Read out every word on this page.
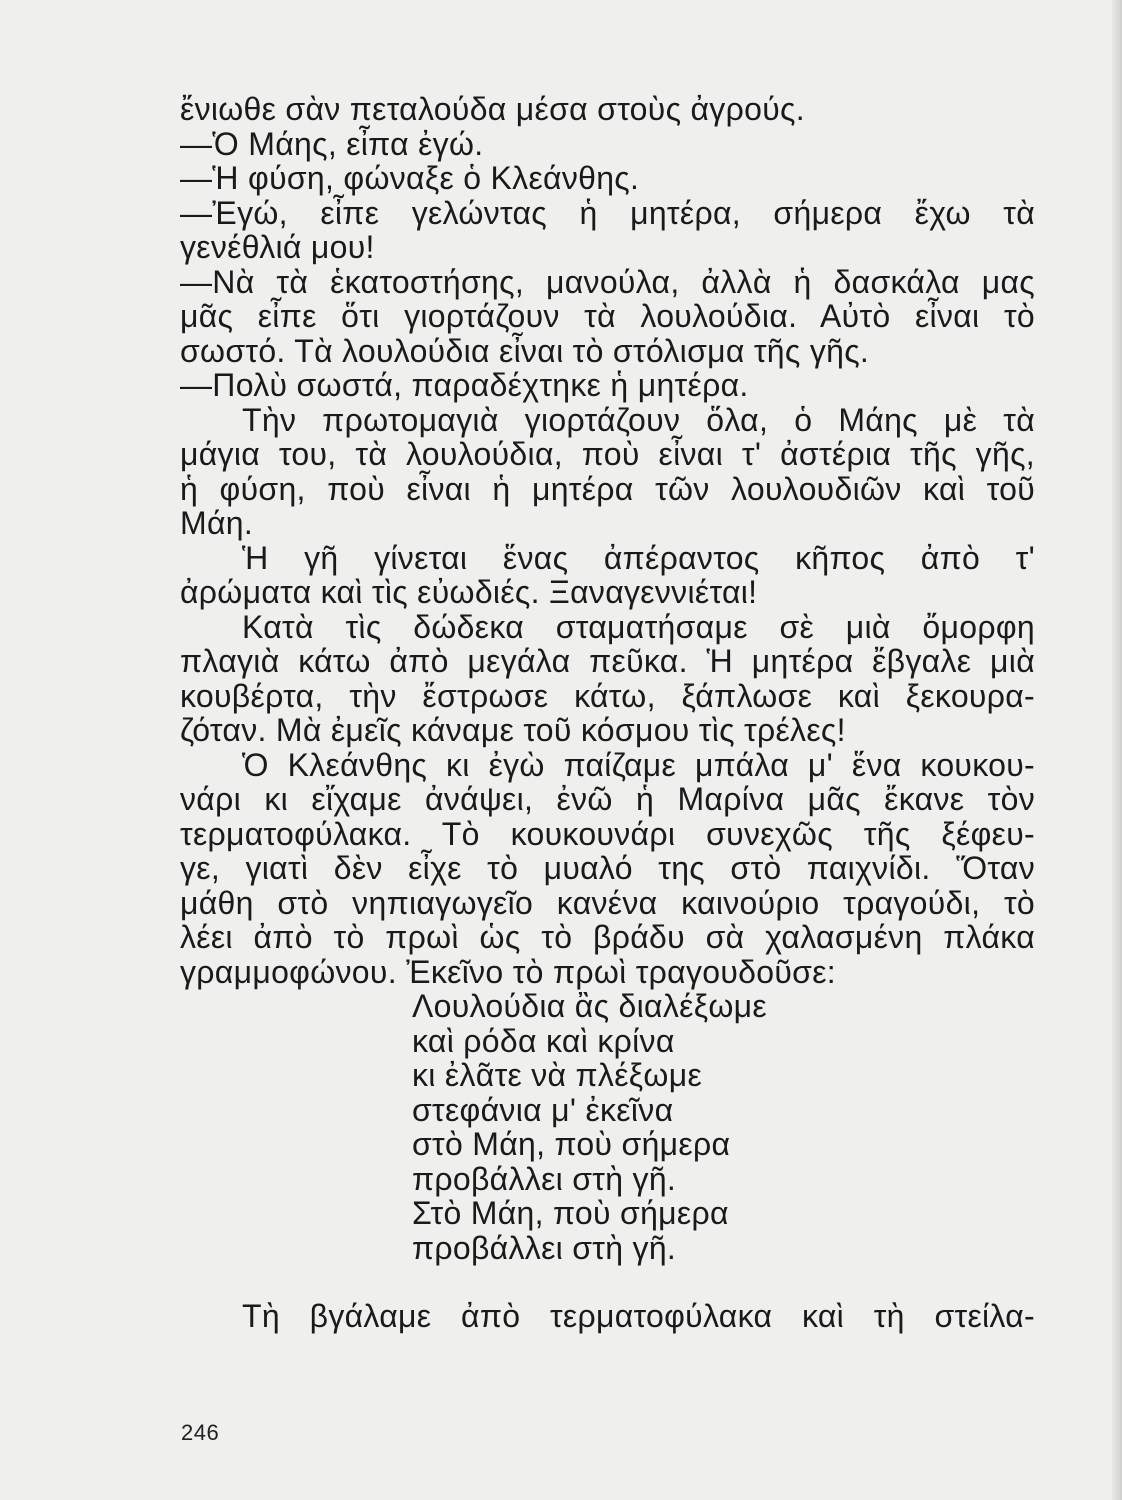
ἔνιωθε σὰν πεταλούδα μέσα στοὺς ἀγρούς.
—Ὁ Μάης, εἶπα ἐγώ.
—Ἡ φύση, φώναξε ὁ Κλεάνθης.
—Ἐγώ, εἶπε γελώντας ἡ μητέρα, σήμερα ἔχω τὰ
γενέθλιά μου!
—Νὰ τὰ ἑκατοστήσης, μανούλα, ἀλλὰ ἡ δασκάλα μας
μᾶς εἶπε ὅτι γιορτάζουν τὰ λουλούδια. Αὐτὸ εἶναι τὸ
σωστό. Τὰ λουλούδια εἶναι τὸ στόλισμα τῆς γῆς.
—Πολὺ σωστά, παραδέχτηκε ἡ μητέρα.
Τὴν πρωτομαγιὰ γιορτάζουν ὅλα, ὁ Μάης μὲ τὰ
μάγια του, τὰ λουλούδια, ποὺ εἶναι τ' ἀστέρια τῆς γῆς,
ἡ φύση, ποὺ εἶναι ἡ μητέρα τῶν λουλουδιῶν καὶ τοῦ
Μάη.
Ἡ γῆ γίνεται ἕνας ἀπέραντος κῆπος ἀπὸ τ'
ἀρώματα καὶ τὶς εὐωδιές. Ξαναγεννιέται!
Κατὰ τὶς δώδεκα σταματήσαμε σὲ μιὰ ὄμορφη
πλαγιὰ κάτω ἀπὸ μεγάλα πεῦκα. Ἡ μητέρα ἔβγαλε μιὰ
κουβέρτα, τὴν ἔστρωσε κάτω, ξάπλωσε καὶ ξεκουρα-
ζόταν. Μὰ ἐμεῖς κάναμε τοῦ κόσμου τὶς τρέλες!
Ὁ Κλεάνθης κι ἐγὼ παίζαμε μπάλα μ' ἕνα κουκου-
νάρι κι εἴχαμε ἀνάψει, ἐνῶ ἡ Μαρίνα μᾶς ἔκανε τὸν
τερματοφύλακα. Τὸ κουκουνάρι συνεχῶς τῆς ξέφευ-
γε, γιατὶ δὲν εἶχε τὸ μυαλό της στὸ παιχνίδι. Ὅταν
μάθη στὸ νηπιαγωγεῖο κανένα καινούριο τραγούδι, τὸ
λέει ἀπὸ τὸ πρωὶ ὡς τὸ βράδυ σὰ χαλασμένη πλάκα
γραμμοφώνου. Ἐκεῖνο τὸ πρωὶ τραγουδοῦσε:
Λουλούδια ἂς διαλέξωμε
καὶ ρόδα καὶ κρίνα
κι ἐλᾶτε νὰ πλέξωμε
στεφάνια μ' ἐκεῖνα
στὸ Μάη, ποὺ σήμερα
προβάλλει στὴ γῆ.
Στὸ Μάη, ποὺ σήμερα
προβάλλει στὴ γῆ.
Τὴ βγάλαμε ἀπὸ τερματοφύλακα καὶ τὴ στείλα-
246
